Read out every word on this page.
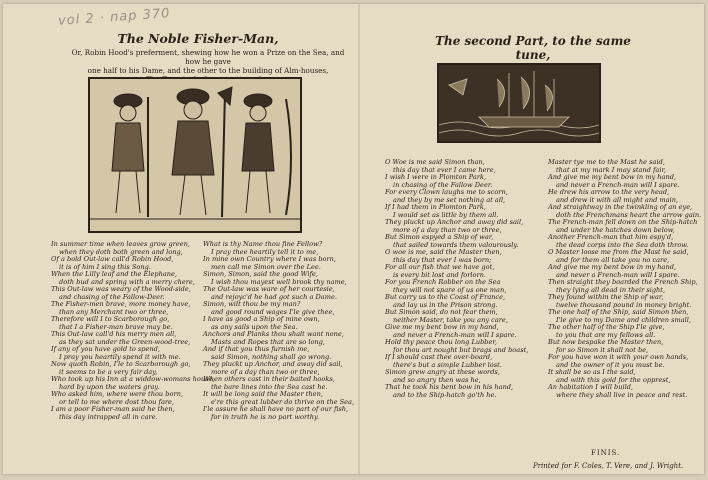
vol 2 · nap 370
The Noble Fisher-Man,
Or, Robin Hood's preferment, shewing how he won a Prize on the Sea, and how he gave
one half to his Dame, and the other to the building of Alm-houses,
The second Part, to the same tune,
In summer time when leaves grow green,
when they doth both green and long,
Of a bold Out-law call'd Robin Hood,
it is of him I sing this Song.
When the Lilly leaf and the Elephane,
doth bud and spring with a merry chere,
This Out-law was weary of the Wood-side,
and chasing of the Fallow-Deer.
The Fisher-men brave, more money have,
than any Merchant two or three,
Therefore will I to Scarborough go,
that I a Fisher-man brave may be.
This Out-law call'd his merry men all,
as they sat under the Green-wood-tree,
If any of you have gold to spend,
I pray you heartily spend it with me.
Now quoth Robin, I'le to Scarborough go,
it seems to be a very fair day,
Who took up his Inn at a widdow-womans house,
hard by upon the waters gray.
Who asked him, where were thou born,
or tell to me where dost thou fare,
I am a poor Fisher-man said he then,
this day intrapped all in care.
What is thy Name thou fine Fellow?
I pray thee heartily tell it to me,
In mine own Country where I was born,
men call me Simon over the Lee.
Simon, Simon, said the good Wife,
I wish thou mayest well brook thy name,
The Out-law was ware of her courtesie,
and rejoyc'd he had got such a Dame.
Simon, wilt thou be my man?
and good round wages I'le give thee,
I have as good a Ship of mine own,
as any sails upon the Sea.
Anchors and Planks thou shalt want none,
Masts and Ropes that are so long,
And if that you thus furnish me,
said Simon, nothing shall go wrong.
They pluckt up Anchor, and away did sail,
more of a day than two or three,
When others cast in their baited hooks,
the bare lines into the Sea cast he.
It will be long said the Master then,
e're this great lubber do thrive on the Sea,
I'le assure he shall have no part of our fish,
for in truth he is no part worthy.
O Woe is me said Simon than,
this day that ever I came here,
I wish I were in Plomton Park,
in chasing of the Fallow Deer.
For every Clown laughs me to scorn,
and they by me set nothing at all,
If I had them in Plomton Park,
I would set as little by them all.
They pluckt up Anchor and away did sail,
more of a day than two or three,
But Simon espyed a Ship of war,
that sailed towards them valourously.
O woe is me, said the Master then,
this day that ever I was born;
For all our fish that we have got,
is every bit lost and forlorn.
For you French Robber on the Sea
they will not spare of us one man,
But carry us to the Coast of France,
and lay us in the Prison strong.
But Simon said, do not fear them,
neither Master, take you any care,
Give me my bent bow in my hand,
and never a French-man will I spare.
Hold thy peace thou long Lubber,
for thou art nought but brags and boast,
If I should cast thee over-board,
there's but a simple Lubber lost.
Simon grew angry at these words,
and so angry then was he,
That he took his bent bow in his hand,
and to the Ship-hatch go'th he.
Master tye me to the Mast he said,
that at my mark I may stand fair,
And give me my bent bow in my hand,
and never a French-man will I spare.
He drew his arrow to the very head,
and drew it with all might and main,
And straightway in the twinkling of an eye,
doth the Frenchmans heart the arrow gain.
The French-man fell down on the Ship-hatch
and under the hatches down below,
Another French-man that him espy'd,
the dead corps into the Sea doth throw.
O Master loose me from the Mast he said,
and for them all take you no care,
And give me my bent bow in my hand,
and never a French-man will I spare.
Then straight they boarded the French Ship,
they lying all dead in their sight,
They found within the Ship of war,
twelve thousand pound in money bright.
The one half of the Ship, said Simon then,
I'le give to my Dame and children small,
The other half of the Ship I'le give,
to you that are my fellows all.
But now bespake the Master then,
for so Simon it shall not be,
For you have won it with your own hands,
and the owner of it you must be.
It shall be so as I the said,
and with this gold for the opprest,
An habitation I will build,
where they shall live in peace and rest.
FINIS.
Printed for F. Coles, T. Vere, and J. Wright.
